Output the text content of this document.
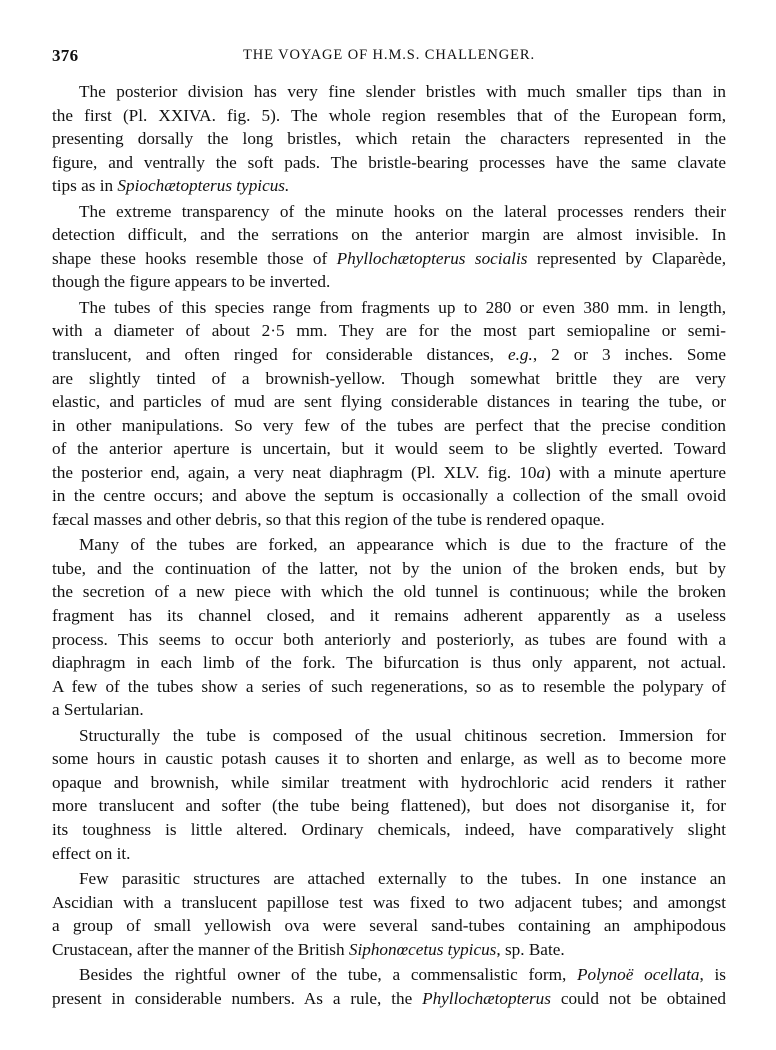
376	THE VOYAGE OF H.M.S. CHALLENGER.
The posterior division has very fine slender bristles with much smaller tips than in
the first (Pl. XXIVA. fig. 5). The whole region resembles that of the European form,
presenting dorsally the long bristles, which retain the characters represented in the
figure, and ventrally the soft pads. The bristle-bearing processes have the same clavate
tips as in Spiochætopterus typicus.
The extreme transparency of the minute hooks on the lateral processes renders their
detection difficult, and the serrations on the anterior margin are almost invisible. In
shape these hooks resemble those of Phyllochætopterus socialis represented by Claparède,
though the figure appears to be inverted.
The tubes of this species range from fragments up to 280 or even 380 mm. in length,
with a diameter of about 2·5 mm. They are for the most part semiopaline or semi-
translucent, and often ringed for considerable distances, e.g., 2 or 3 inches. Some
are slightly tinted of a brownish-yellow. Though somewhat brittle they are very
elastic, and particles of mud are sent flying considerable distances in tearing the tube, or
in other manipulations. So very few of the tubes are perfect that the precise condition
of the anterior aperture is uncertain, but it would seem to be slightly everted. Toward
the posterior end, again, a very neat diaphragm (Pl. XLV. fig. 10a) with a minute aperture
in the centre occurs; and above the septum is occasionally a collection of the small ovoid
fæcal masses and other debris, so that this region of the tube is rendered opaque.
Many of the tubes are forked, an appearance which is due to the fracture of the
tube, and the continuation of the latter, not by the union of the broken ends, but by
the secretion of a new piece with which the old tunnel is continuous; while the broken
fragment has its channel closed, and it remains adherent apparently as a useless
process. This seems to occur both anteriorly and posteriorly, as tubes are found with a
diaphragm in each limb of the fork. The bifurcation is thus only apparent, not actual.
A few of the tubes show a series of such regenerations, so as to resemble the polypary of
a Sertularian.
Structurally the tube is composed of the usual chitinous secretion. Immersion for
some hours in caustic potash causes it to shorten and enlarge, as well as to become more
opaque and brownish, while similar treatment with hydrochloric acid renders it rather
more translucent and softer (the tube being flattened), but does not disorganise it, for
its toughness is little altered. Ordinary chemicals, indeed, have comparatively slight
effect on it.
Few parasitic structures are attached externally to the tubes. In one instance an
Ascidian with a translucent papillose test was fixed to two adjacent tubes; and amongst
a group of small yellowish ova were several sand-tubes containing an amphipodous
Crustacean, after the manner of the British Siphonœcetus typicus, sp. Bate.
Besides the rightful owner of the tube, a commensalistic form, Polynoë ocellata, is
present in considerable numbers. As a rule, the Phyllochætopterus could not be obtained
